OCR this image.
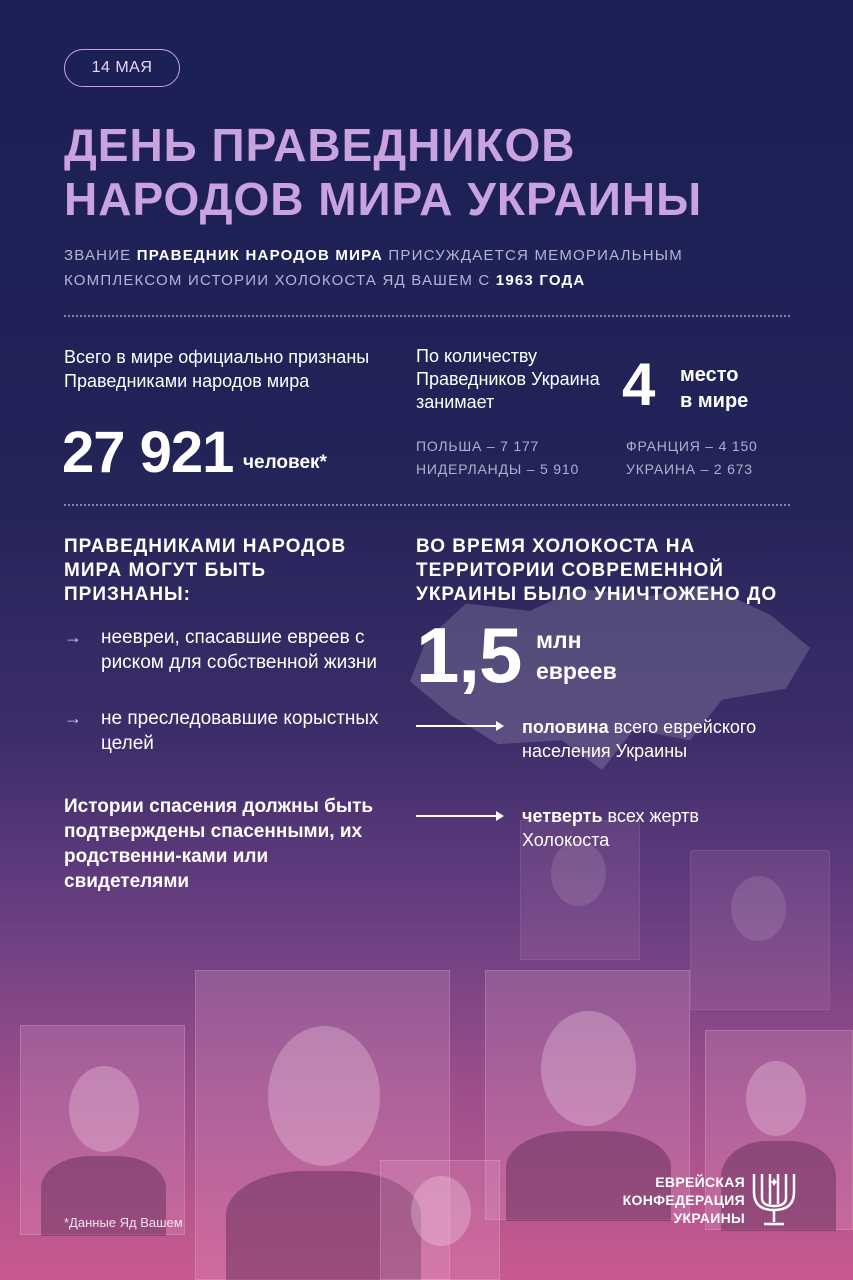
14 МАЯ
ДЕНЬ ПРАВЕДНИКОВ
НАРОДОВ МИРА УКРАИНЫ

ЗВАНИЕ ПРАВЕДНИК НАРОДОВ МИРА ПРИСУЖДАЕТСЯ МЕМОРИАЛЬНЫМ КОМПЛЕКСОМ ИСТОРИИ ХОЛОКОСТА ЯД ВАШЕМ С 1963 ГОДА

Всего в мире официально признаны Праведниками народов мира

27 921 человек*

По количеству Праведников Украина занимает	4 место
в мире
ПОЛЬША – 7 177
НИДЕРЛАНДЫ – 5 910
ФРАНЦИЯ – 4 150
УКРАИНА – 2 673
ПРАВЕДНИКАМИ НАРОДОВ МИРА МОГУТ БЫТЬ ПРИЗНАНЫ:
→ неевреи, спасавшие евреев с риском для собственной жизни
→ не преследовавшие корыстных целей

Истории спасения должны быть подтверждены спасенными, их родственни-ками или свидетелями

ВО ВРЕМЯ ХОЛОКОСТА НА ТЕРРИТОРИИ СОВРЕМЕННОЙ УКРАИНЫ БЫЛО УНИЧТОЖЕНО ДО
1,5 млн
евреев

половина всего еврейского населения Украины

четверть всех жертв Холокоста

*Данные Яд Вашем
ЕВРЕЙСКАЯ
КОНФЕДЕРАЦИЯ
УКРАИНЫ
